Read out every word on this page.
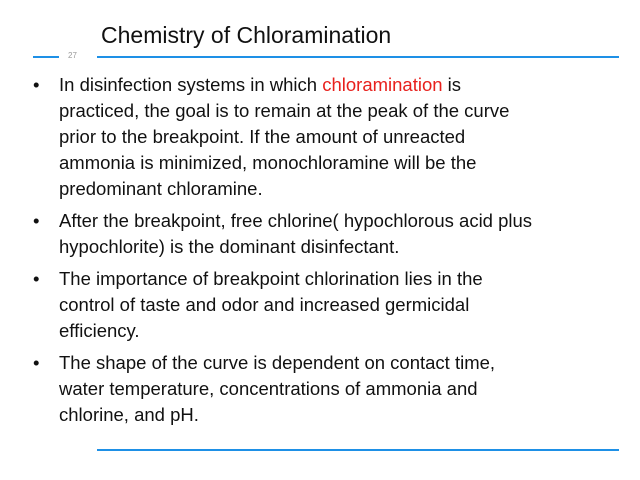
Chemistry of Chloramination
27
•	In disinfection systems in which chloramination is
practiced, the goal is to remain at the peak of the curve
prior to the breakpoint. If the amount of unreacted
ammonia is minimized, monochloramine will be the
predominant chloramine.
•	After the breakpoint, free chlorine( hypochlorous acid plus
hypochlorite) is the dominant disinfectant.
•	The importance of breakpoint chlorination lies in the
control of taste and odor and increased germicidal
efficiency.
•	The shape of the curve is dependent on contact time,
water temperature, concentrations of ammonia and
chlorine, and pH.
